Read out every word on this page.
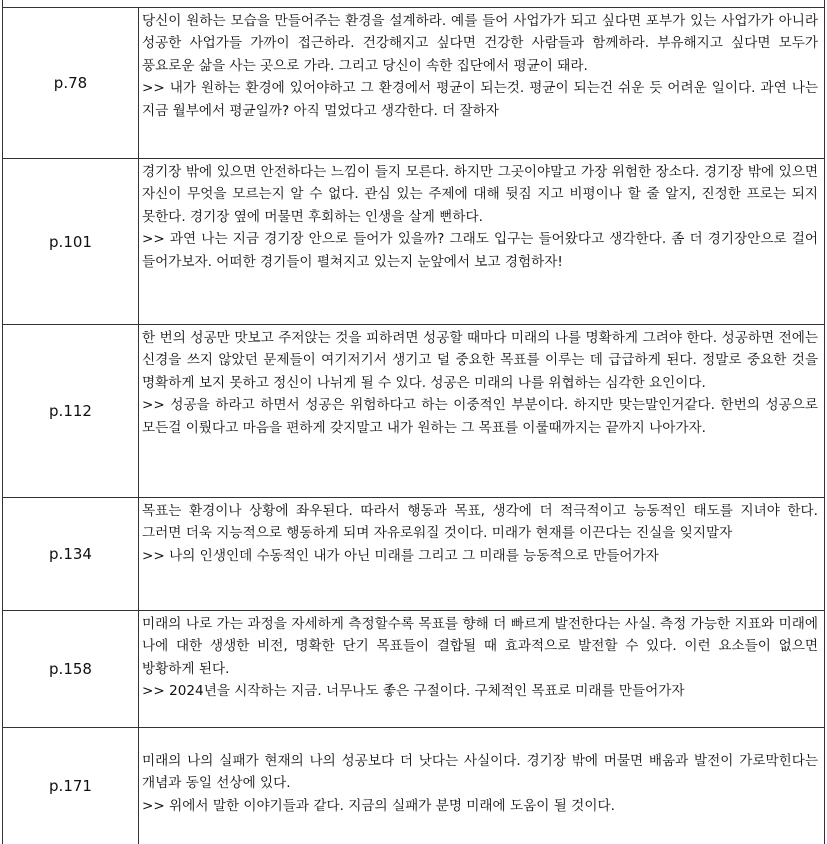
p.78

당신이 원하는 모습을 만들어주는 환경을 설계하라. 예를 들어 사업가가 되고 싶다면 포부가 있는 사업가가 아니라 성공한 사업가들 가까이 접근하라. 건강해지고 싶다면 건강한 사람들과 함께하라. 부유해지고 싶다면 모두가 풍요로운 삶을 사는 곳으로 가라. 그리고 당신이 속한 집단에서 평균이 돼라.

>> 내가 원하는 환경에 있어야하고 그 환경에서 평균이 되는것. 평균이 되는건 쉬운 듯 어려운 일이다. 과연 나는 지금 월부에서 평균일까? 아직 멀었다고 생각한다. 더 잘하자

p.101

경기장 밖에 있으면 안전하다는 느낌이 들지 모른다. 하지만 그곳이야말고 가장 위험한 장소다. 경기장 밖에 있으면 자신이 무엇을 모르는지 알 수 없다. 관심 있는 주제에 대해 뒷짐 지고 비평이나 할 줄 알지, 진정한 프로는 되지 못한다. 경기장 옆에 머물면 후회하는 인생을 살게 뻔하다.

>> 과연 나는 지금 경기장 안으로 들어가 있을까? 그래도 입구는 들어왔다고 생각한다. 좀 더 경기장안으로 걸어 들어가보자. 어떠한 경기들이 펼쳐지고 있는지 눈앞에서 보고 경험하자!

p.112

한 번의 성공만 맛보고 주저앉는 것을 피하려면 성공할 때마다 미래의 나를 명확하게 그려야 한다. 성공하면 전에는 신경을 쓰지 않았던 문제들이 여기저기서 생기고 덜 중요한 목표를 이루는 데 급급하게 된다. 정말로 중요한 것을 명확하게 보지 못하고 정신이 나뉘게 될 수 있다. 성공은 미래의 나를 위협하는 심각한 요인이다.

>> 성공을 하라고 하면서 성공은 위험하다고 하는 이중적인 부분이다. 하지만 맞는말인거같다. 한번의 성공으로 모든걸 이뤘다고 마음을 편하게 갖지말고 내가 원하는 그 목표를 이룰때까지는 끝까지 나아가자.

p.134

목표는 환경이나 상황에 좌우된다. 따라서 행동과 목표, 생각에 더 적극적이고 능동적인 태도를 지녀야 한다. 그러면 더욱 지능적으로 행동하게 되며 자유로워질 것이다. 미래가 현재를 이끈다는 진실을 잊지말자

>> 나의 인생인데 수동적인 내가 아닌 미래를 그리고 그 미래를 능동적으로 만들어가자

p.158

미래의 나로 가는 과정을 자세하게 측정할수록 목표를 향해 더 빠르게 발전한다는 사실. 측정 가능한 지표와 미래에 나에 대한 생생한 비전, 명확한 단기 목표들이 결합될 때 효과적으로 발전할 수 있다. 이런 요소들이 없으면 방황하게 된다.

>> 2024년을 시작하는 지금. 너무나도 좋은 구절이다. 구체적인 목표로 미래를 만들어가자

p.171

미래의 나의 실패가 현재의 나의 성공보다 더 낫다는 사실이다. 경기장 밖에 머물면 배움과 발전이 가로막힌다는 개념과 동일 선상에 있다.

>> 위에서 말한 이야기들과 같다. 지금의 실패가 분명 미래에 도움이 될 것이다.
